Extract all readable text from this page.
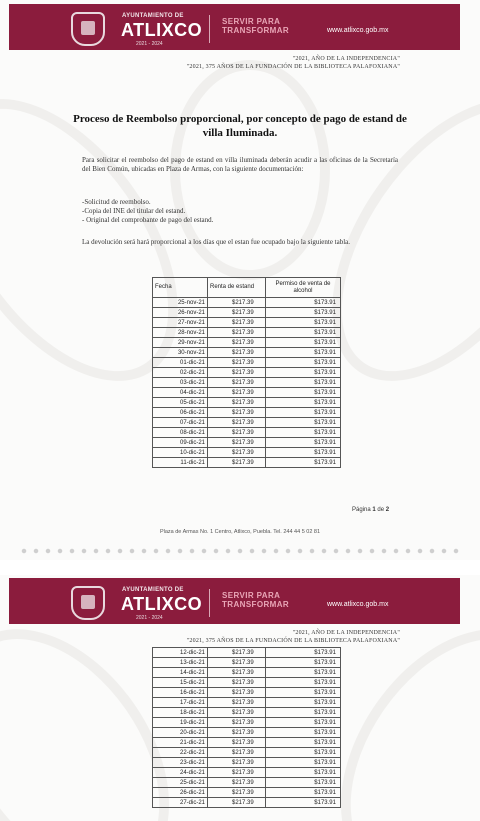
AYUNTAMIENTO DE
ATLIXCO
2021 - 2024
SERVIR PARA TRANSFORMAR	www.atlixco.gob.mx
"2021, AÑO DE LA INDEPENDENCIA"
"2021, 375 AÑOS DE LA FUNDACIÓN DE LA BIBLIOTECA PALAFOXIANA"
Proceso de Reembolso proporcional, por concepto de pago de estand de villa Iluminada.
Para solicitar el reembolso del pago de estand en villa iluminada deberán acudir a las oficinas de la Secretaría del Bien Común, ubicadas en Plaza de Armas, con la siguiente documentación:
-Solicitud de reembolso.
-Copia del INE del titular del estand.
- Original del comprobante de pago del estand.
La devolución será hará proporcional a los días que el estan fue ocupado bajo la siguiente tabla.
Fecha	Renta de estand	Permiso de venta de alcohol
25-nov-21	$217.39	$173.91
26-nov-21	$217.39	$173.91
27-nov-21	$217.39	$173.91
28-nov-21	$217.39	$173.91
29-nov-21	$217.39	$173.91
30-nov-21	$217.39	$173.91
01-dic-21	$217.39	$173.91
02-dic-21	$217.39	$173.91
03-dic-21	$217.39	$173.91
04-dic-21	$217.39	$173.91
05-dic-21	$217.39	$173.91
06-dic-21	$217.39	$173.91
07-dic-21	$217.39	$173.91
08-dic-21	$217.39	$173.91
09-dic-21	$217.39	$173.91
10-dic-21	$217.39	$173.91
11-dic-21	$217.39	$173.91
Página 1 de 2
Plaza de Armas No. 1 Centro, Atlixco, Puebla. Tel. 244 44 5 02 81
AYUNTAMIENTO DE
ATLIXCO
2021 - 2024
SERVIR PARA TRANSFORMAR	www.atlixco.gob.mx
"2021, AÑO DE LA INDEPENDENCIA"
"2021, 375 AÑOS DE LA FUNDACIÓN DE LA BIBLIOTECA PALAFOXIANA"
12-dic-21	$217.39	$173.91
13-dic-21	$217.39	$173.91
14-dic-21	$217.39	$173.91
15-dic-21	$217.39	$173.91
16-dic-21	$217.39	$173.91
17-dic-21	$217.39	$173.91
18-dic-21	$217.39	$173.91
19-dic-21	$217.39	$173.91
20-dic-21	$217.39	$173.91
21-dic-21	$217.39	$173.91
22-dic-21	$217.39	$173.91
23-dic-21	$217.39	$173.91
24-dic-21	$217.39	$173.91
25-dic-21	$217.39	$173.91
26-dic-21	$217.39	$173.91
27-dic-21	$217.39	$173.91
